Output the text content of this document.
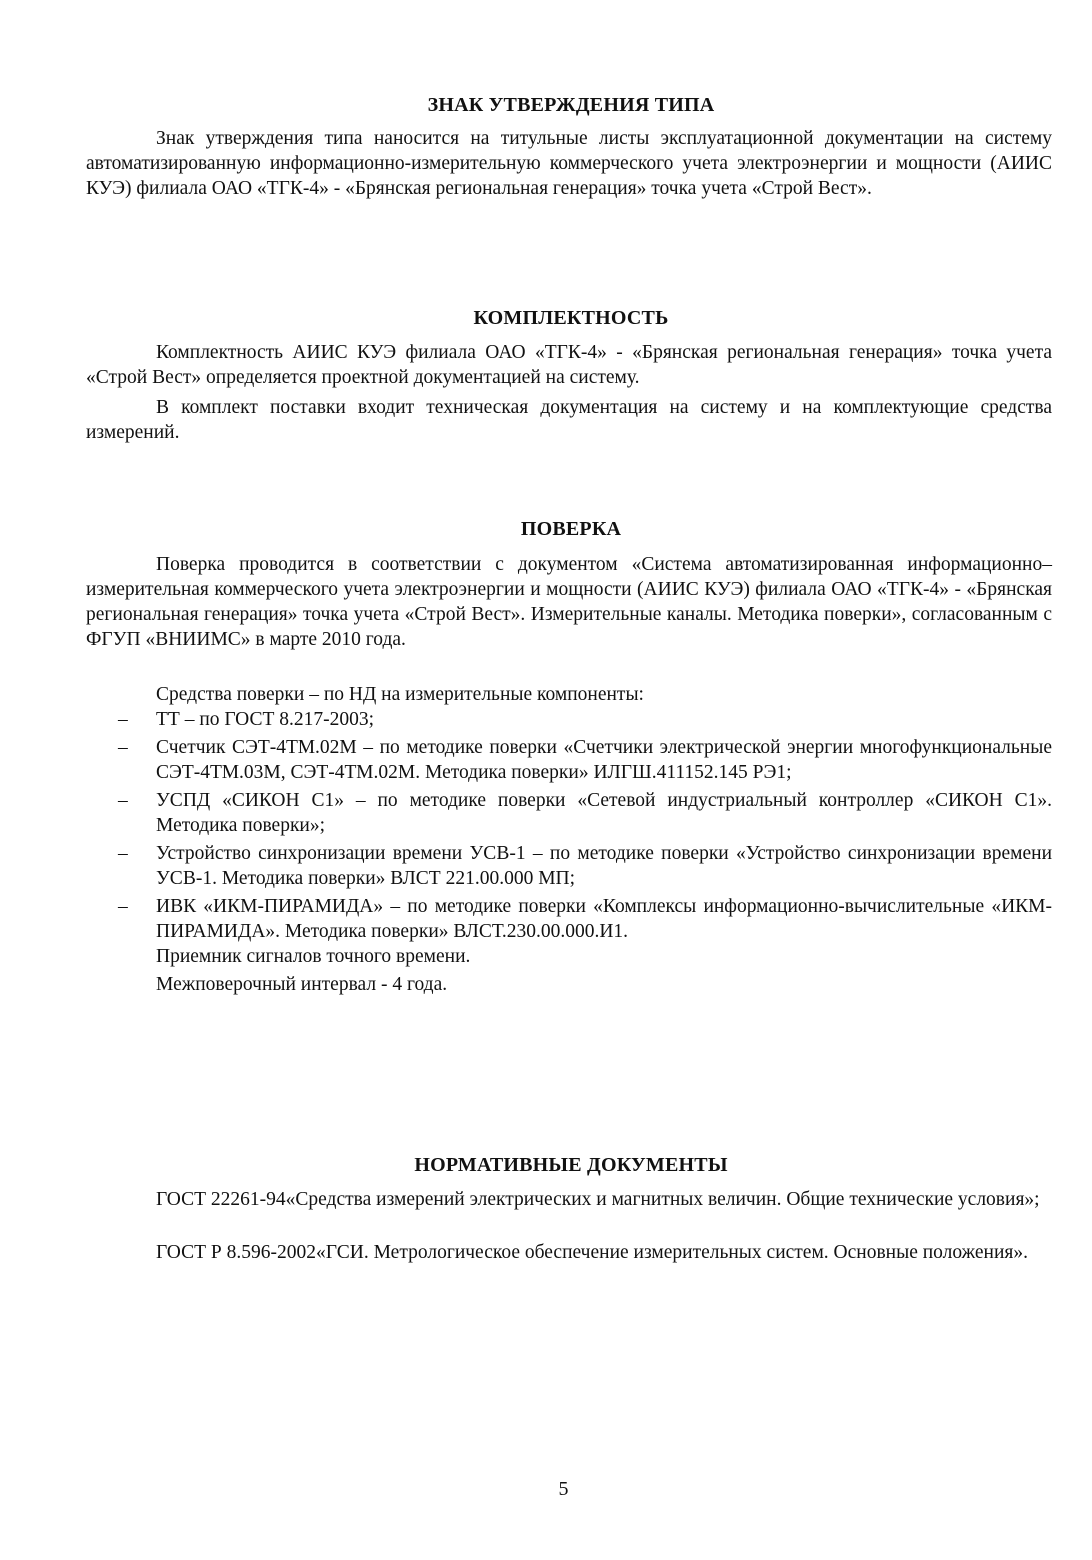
ЗНАК УТВЕРЖДЕНИЯ ТИПА
Знак утверждения типа наносится на титульные листы эксплуатационной документации на систему автоматизированную информационно-измерительную коммерческого учета электроэнергии и мощности (АИИС КУЭ) филиала ОАО «ТГК-4» - «Брянская региональная генерация» точка учета «Строй Вест».
КОМПЛЕКТНОСТЬ
Комплектность АИИС КУЭ филиала ОАО «ТГК-4» - «Брянская региональная генерация» точка учета «Строй Вест» определяется проектной документацией на систему.
В комплект поставки входит техническая документация на систему и на комплектующие средства измерений.
ПОВЕРКА
Поверка проводится в соответствии с документом «Система автоматизированная информационно–измерительная коммерческого учета электроэнергии и мощности (АИИС КУЭ) филиала ОАО «ТГК-4» - «Брянская региональная генерация» точка учета «Строй Вест». Измерительные каналы. Методика поверки», согласованным с ФГУП «ВНИИМС» в марте 2010 года.
Средства поверки – по НД на измерительные компоненты:
– ТТ – по ГОСТ 8.217-2003;
– Счетчик СЭТ-4ТМ.02М – по методике поверки «Счетчики электрической энергии многофункциональные СЭТ-4ТМ.03М, СЭТ-4ТМ.02М. Методика поверки» ИЛГШ.411152.145 РЭ1;
– УСПД «СИКОН С1» – по методике поверки «Сетевой индустриальный контроллер «СИКОН С1». Методика поверки»;
– Устройство синхронизации времени УСВ-1 – по методике поверки «Устройство синхронизации времени УСВ-1. Методика поверки» ВЛСТ 221.00.000 МП;
– ИВК «ИКМ-ПИРАМИДА» – по методике поверки «Комплексы информационно-вычислительные «ИКМ-ПИРАМИДА». Методика поверки» ВЛСТ.230.00.000.И1.
Приемник сигналов точного времени.
Межповерочный интервал - 4 года.
НОРМАТИВНЫЕ ДОКУМЕНТЫ
ГОСТ 22261-94«Средства измерений электрических и магнитных величин. Общие технические условия»;
ГОСТ Р 8.596-2002«ГСИ. Метрологическое обеспечение измерительных систем. Основные положения».
5
